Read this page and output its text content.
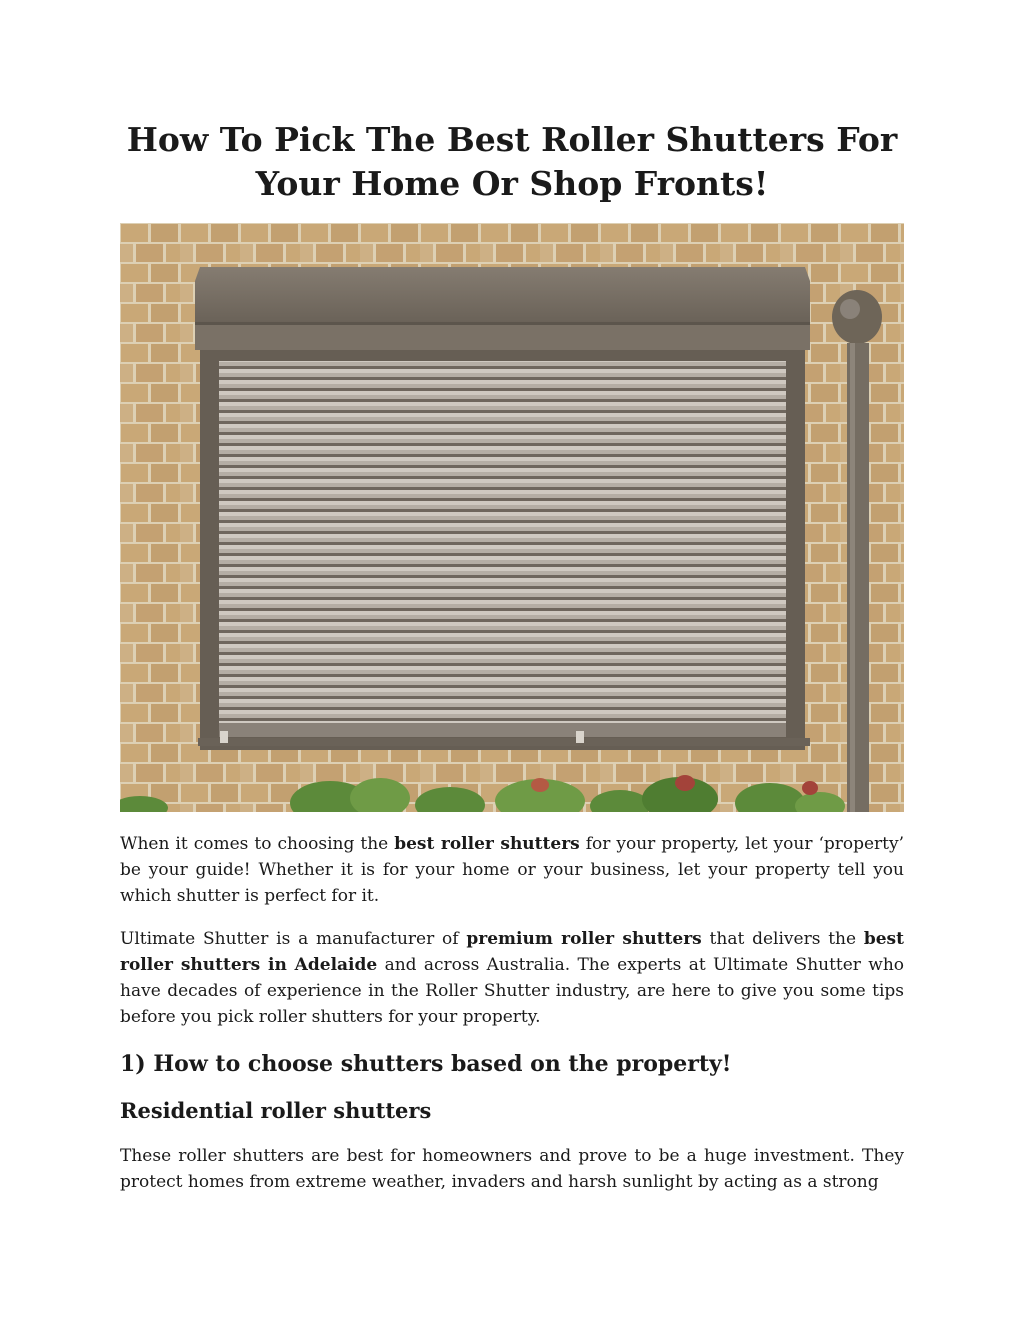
How To Pick The Best Roller Shutters For
Your Home Or Shop Fronts!

When it comes to choosing the best roller shutters for your property, let your ‘property’ be your guide! Whether it is for your home or your business, let your property tell you which shutter is perfect for it.

Ultimate Shutter is a manufacturer of premium roller shutters that delivers the best roller shutters in Adelaide and across Australia. The experts at Ultimate Shutter who have decades of experience in the Roller Shutter industry, are here to give you some tips before you pick roller shutters for your property.

1) How to choose shutters based on the property!
Residential roller shutters

These roller shutters are best for homeowners and prove to be a huge investment. They protect homes from extreme weather, invaders and harsh sunlight by acting as a strong
